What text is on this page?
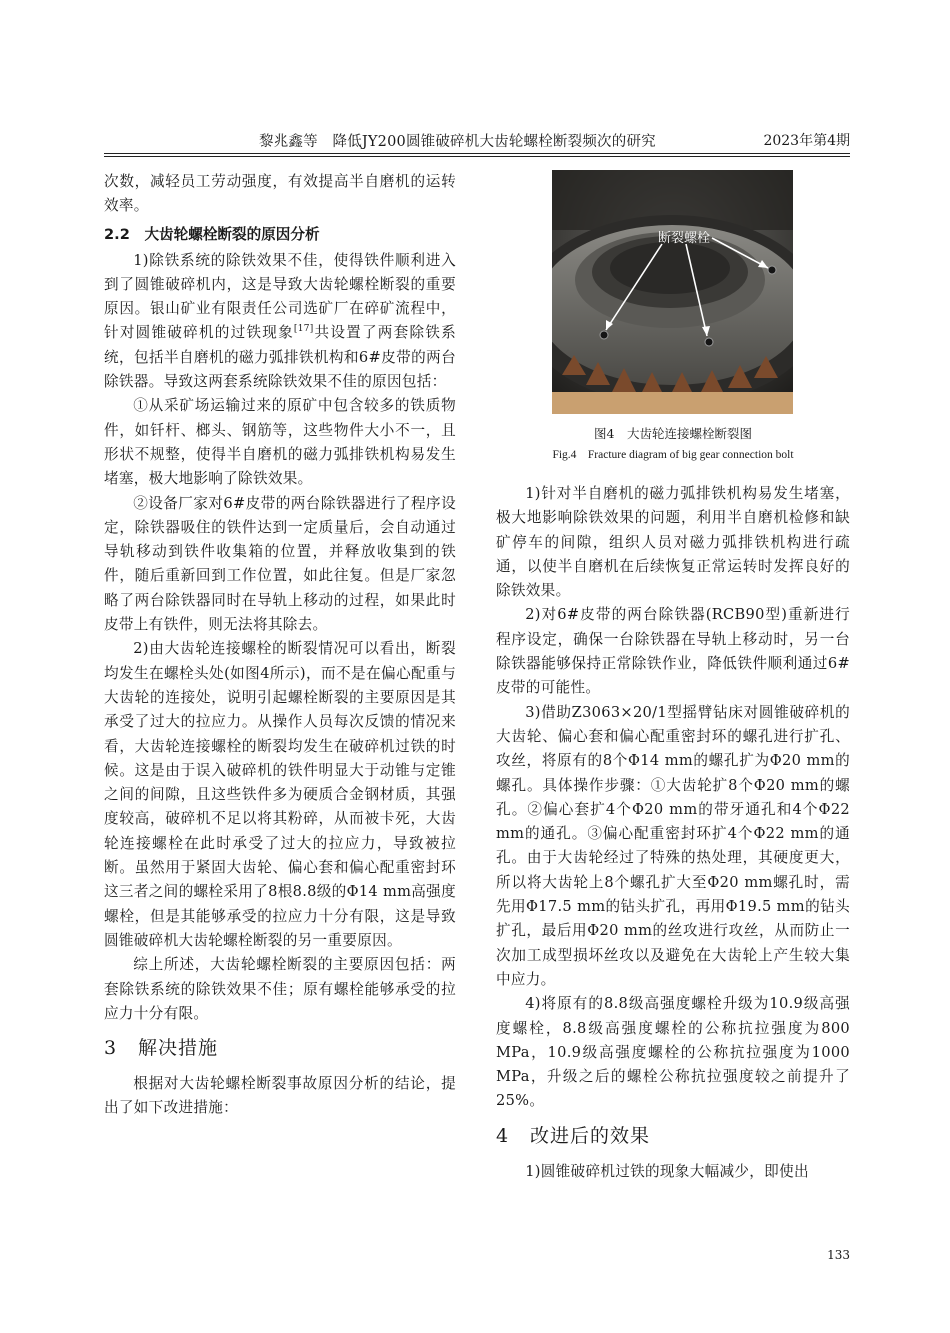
黎兆鑫等　降低JY200圆锥破碎机大齿轮螺栓断裂频次的研究	2023年第4期

次数，减轻员工劳动强度，有效提高半自磨机的运转效率。

2.2　大齿轮螺栓断裂的原因分析

1)除铁系统的除铁效果不佳，使得铁件顺利进入到了圆锥破碎机内，这是导致大齿轮螺栓断裂的重要原因。银山矿业有限责任公司选矿厂在碎矿流程中，针对圆锥破碎机的过铁现象[17]共设置了两套除铁系统，包括半自磨机的磁力弧排铁机构和6#皮带的两台除铁器。导致这两套系统除铁效果不佳的原因包括：

①从采矿场运输过来的原矿中包含较多的铁质物件，如钎杆、榔头、钢筋等，这些物件大小不一，且形状不规整，使得半自磨机的磁力弧排铁机构易发生堵塞，极大地影响了除铁效果。

②设备厂家对6#皮带的两台除铁器进行了程序设定，除铁器吸住的铁件达到一定质量后，会自动通过导轨移动到铁件收集箱的位置，并释放收集到的铁件，随后重新回到工作位置，如此往复。但是厂家忽略了两台除铁器同时在导轨上移动的过程，如果此时皮带上有铁件，则无法将其除去。

2)由大齿轮连接螺栓的断裂情况可以看出，断裂均发生在螺栓头处(如图4所示)，而不是在偏心配重与大齿轮的连接处，说明引起螺栓断裂的主要原因是其承受了过大的拉应力。从操作人员每次反馈的情况来看，大齿轮连接螺栓的断裂均发生在破碎机过铁的时候。这是由于误入破碎机的铁件明显大于动锥与定锥之间的间隙，且这些铁件多为硬质合金钢材质，其强度较高，破碎机不足以将其粉碎，从而被卡死，大齿轮连接螺栓在此时承受了过大的拉应力，导致被拉断。虽然用于紧固大齿轮、偏心套和偏心配重密封环这三者之间的螺栓采用了8根8.8级的Φ14 mm高强度螺栓，但是其能够承受的拉应力十分有限，这是导致圆锥破碎机大齿轮螺栓断裂的另一重要原因。

综上所述，大齿轮螺栓断裂的主要原因包括：两套除铁系统的除铁效果不佳；原有螺栓能够承受的拉应力十分有限。

3 解决措施

根据对大齿轮螺栓断裂事故原因分析的结论，提出了如下改进措施：

断裂螺栓
图4　大齿轮连接螺栓断裂图
Fig.4　Fracture diagram of big gear connection bolt

1)针对半自磨机的磁力弧排铁机构易发生堵塞，极大地影响除铁效果的问题，利用半自磨机检修和缺矿停车的间隙，组织人员对磁力弧排铁机构进行疏通，以使半自磨机在后续恢复正常运转时发挥良好的除铁效果。

2)对6#皮带的两台除铁器(RCB90型)重新进行程序设定，确保一台除铁器在导轨上移动时，另一台除铁器能够保持正常除铁作业，降低铁件顺利通过6#皮带的可能性。

3)借助Z3063×20/1型摇臂钻床对圆锥破碎机的大齿轮、偏心套和偏心配重密封环的螺孔进行扩孔、攻丝，将原有的8个Φ14 mm的螺孔扩为Φ20 mm的螺孔。具体操作步骤：①大齿轮扩8个Φ20 mm的螺孔。②偏心套扩4个Φ20 mm的带牙通孔和4个Φ22 mm的通孔。③偏心配重密封环扩4个Φ22 mm的通孔。由于大齿轮经过了特殊的热处理，其硬度更大，所以将大齿轮上8个螺孔扩大至Φ20 mm螺孔时，需先用Φ17.5 mm的钻头扩孔，再用Φ19.5 mm的钻头扩孔，最后用Φ20 mm的丝攻进行攻丝，从而防止一次加工成型损坏丝攻以及避免在大齿轮上产生较大集中应力。

4)将原有的8.8级高强度螺栓升级为10.9级高强度螺栓，8.8级高强度螺栓的公称抗拉强度为800 MPa，10.9级高强度螺栓的公称抗拉强度为1000 MPa，升级之后的螺栓公称抗拉强度较之前提升了25%。

4 改进后的效果

1)圆锥破碎机过铁的现象大幅减少，即使出

133
